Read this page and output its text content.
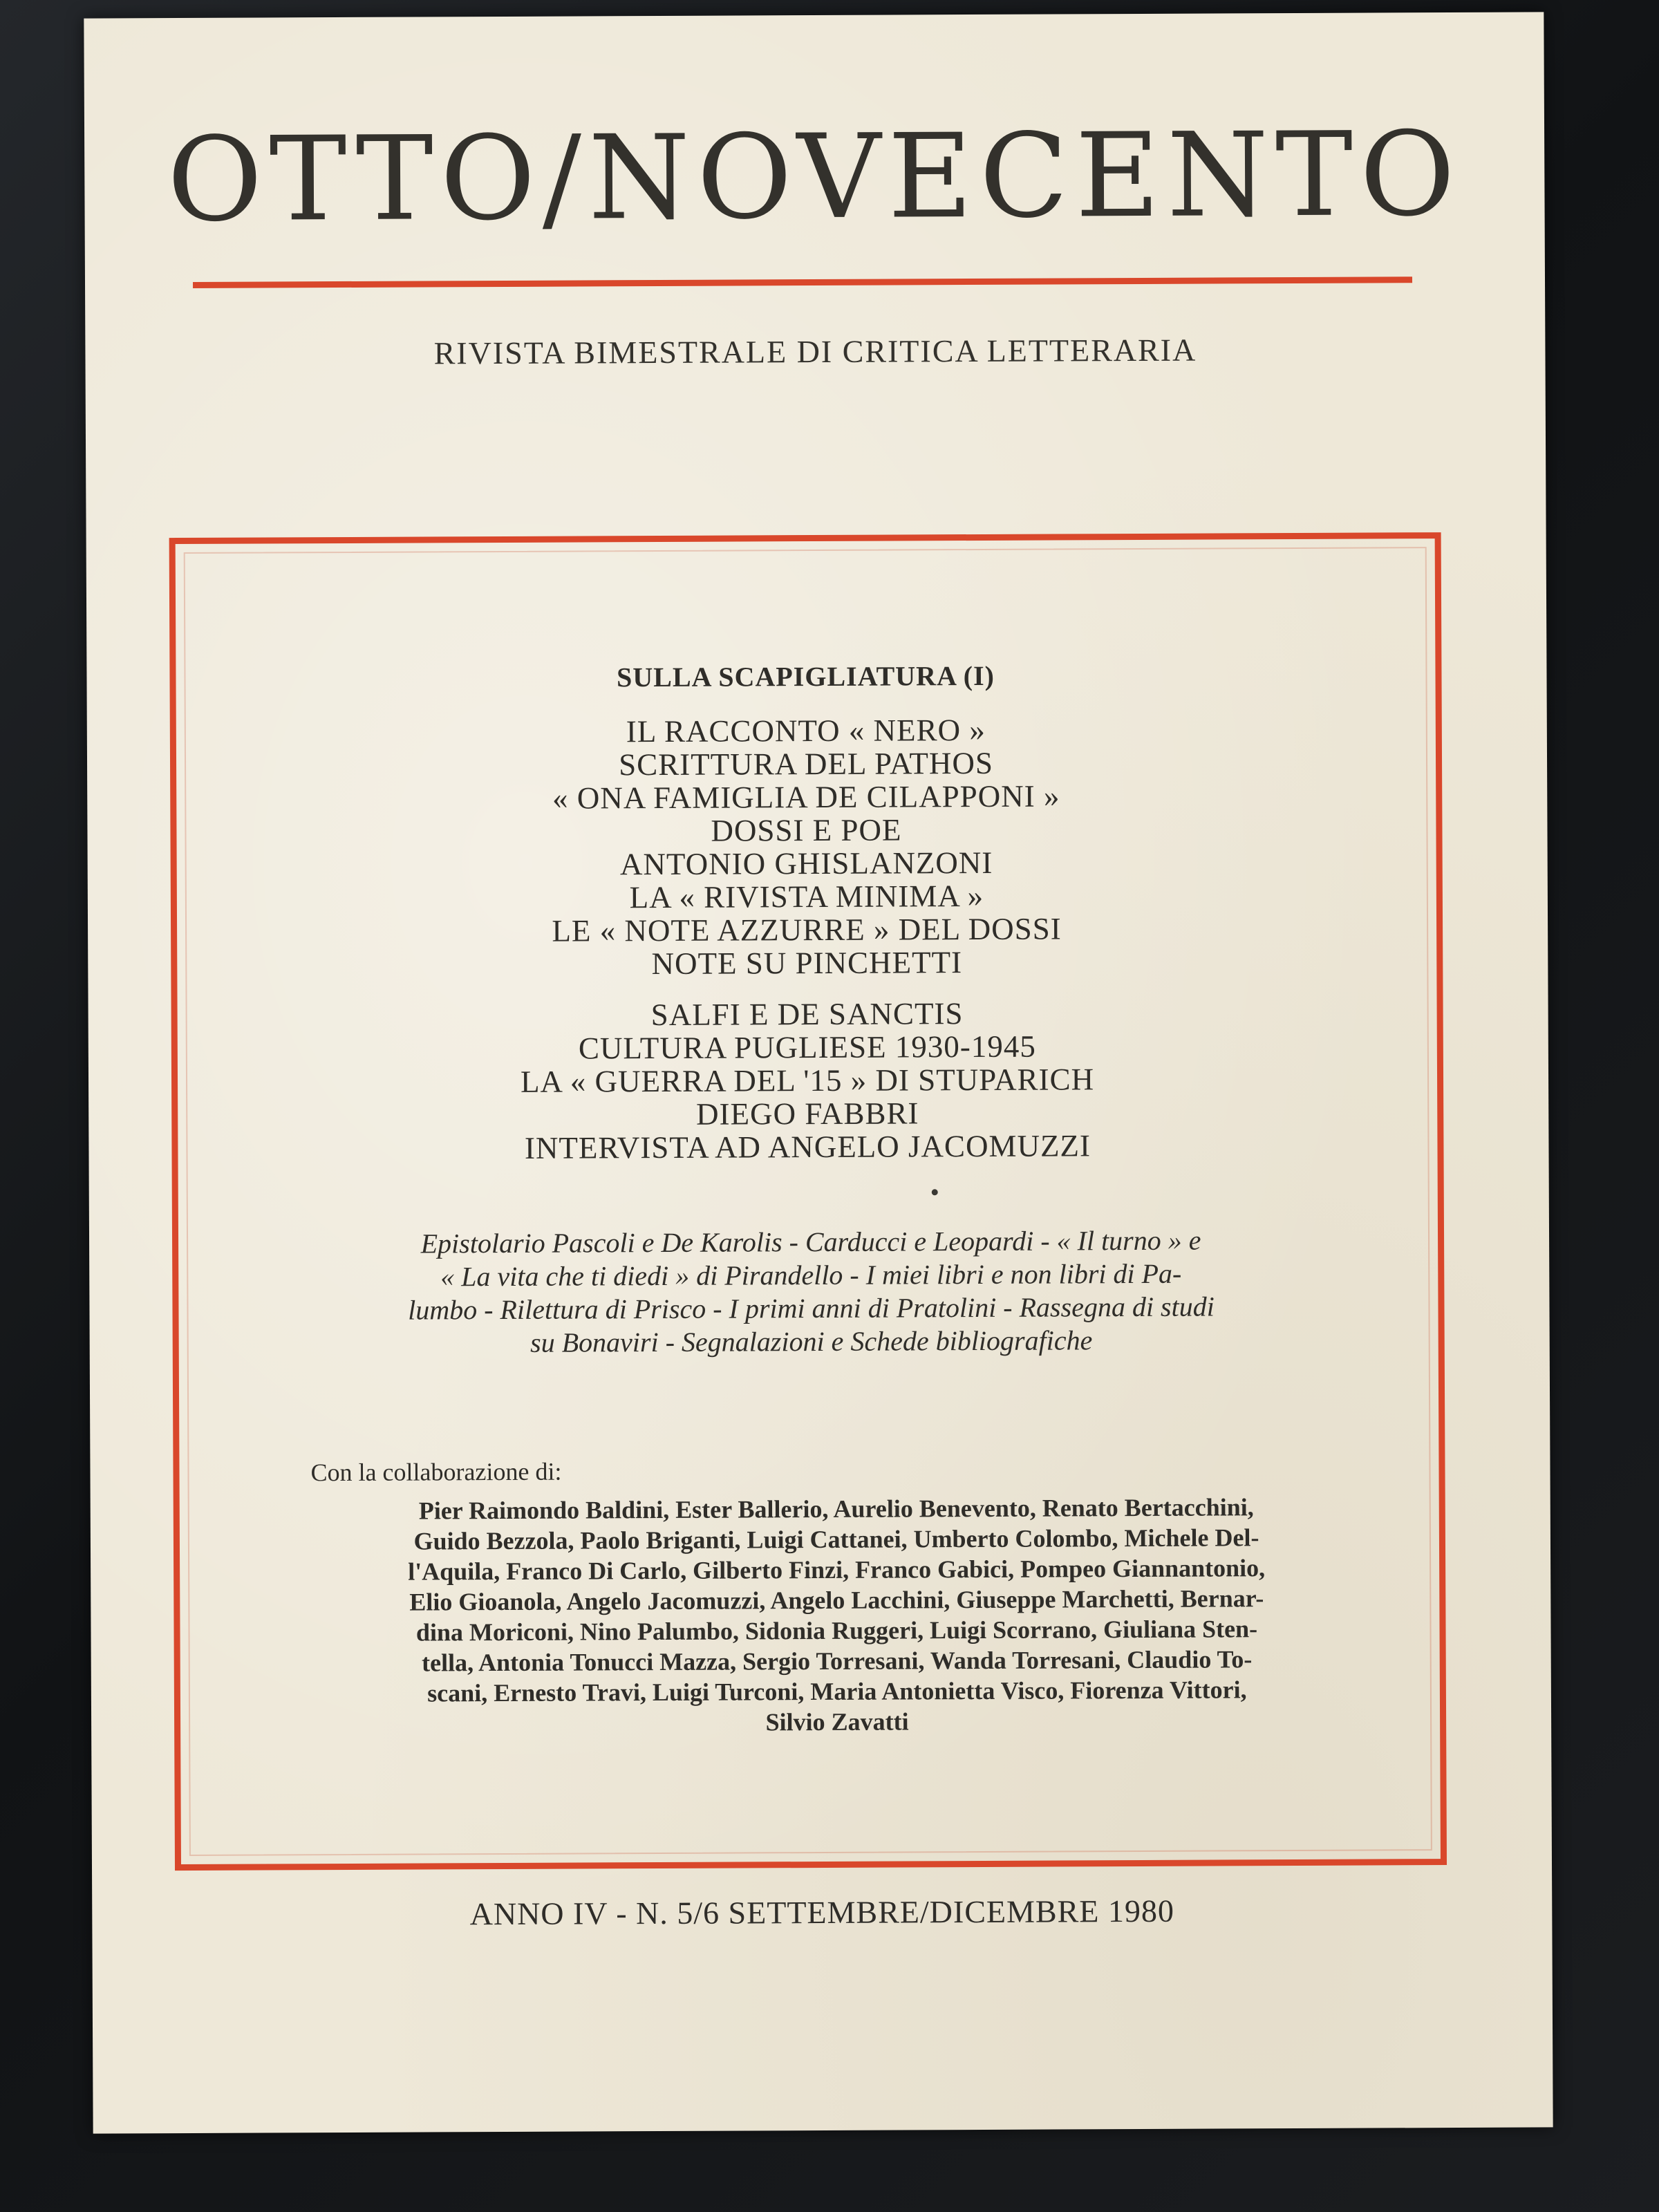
OTTO/NOVECENTO
RIVISTA BIMESTRALE DI CRITICA LETTERARIA
SULLA SCAPIGLIATURA (I)
IL RACCONTO « NERO »
SCRITTURA DEL PATHOS
« ONA FAMIGLIA DE CILAPPONI »
DOSSI E POE
ANTONIO GHISLANZONI
LA « RIVISTA MINIMA »
LE « NOTE AZZURRE » DEL DOSSI
NOTE SU PINCHETTI
SALFI E DE SANCTIS
CULTURA PUGLIESE 1930-1945
LA « GUERRA DEL '15 » DI STUPARICH
DIEGO FABBRI
INTERVISTA AD ANGELO JACOMUZZI
Epistolario Pascoli e De Karolis - Carducci e Leopardi - « Il turno » e
« La vita che ti diedi » di Pirandello - I miei libri e non libri di Pa-
lumbo - Rilettura di Prisco - I primi anni di Pratolini - Rassegna di studi
su Bonaviri - Segnalazioni e Schede bibliografiche
Con la collaborazione di:
Pier Raimondo Baldini, Ester Ballerio, Aurelio Benevento, Renato Bertacchini,
Guido Bezzola, Paolo Briganti, Luigi Cattanei, Umberto Colombo, Michele Del-
l'Aquila, Franco Di Carlo, Gilberto Finzi, Franco Gabici, Pompeo Giannantonio,
Elio Gioanola, Angelo Jacomuzzi, Angelo Lacchini, Giuseppe Marchetti, Bernar-
dina Moriconi, Nino Palumbo, Sidonia Ruggeri, Luigi Scorrano, Giuliana Sten-
tella, Antonia Tonucci Mazza, Sergio Torresani, Wanda Torresani, Claudio To-
scani, Ernesto Travi, Luigi Turconi, Maria Antonietta Visco, Fiorenza Vittori,
Silvio Zavatti
ANNO IV - N. 5/6 SETTEMBRE/DICEMBRE 1980
